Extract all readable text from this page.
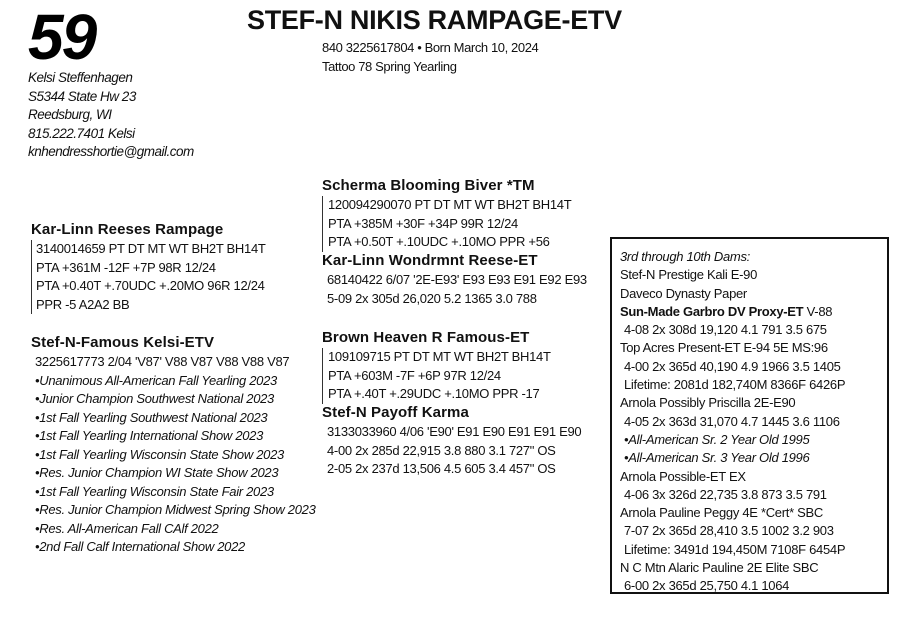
59	STEF-N NIKIS RAMPAGE-ETV
840 3225617804 • Born March 10, 2024
Tattoo 78 Spring Yearling
Kelsi Steffenhagen
S5344 State Hw 23
Reedsburg, WI
815.222.7401 Kelsi
knhendresshortie@gmail.com
Scherma Blooming Biver *TM
120094290070 PT DT MT WT BH2T BH14T
PTA +385M +30F +34P 99R 12/24
PTA +0.50T +.10UDC +.10MO PPR +56
Kar-Linn Wondrmnt Reese-ET
68140422 6/07 '2E-E93' E93 E93 E91 E92 E93
5-09 2x 305d 26,020 5.2 1365 3.0 788
Kar-Linn Reeses Rampage
3140014659 PT DT MT WT BH2T BH14T
PTA +361M -12F +7P 98R 12/24
PTA +0.40T +.70UDC +.20MO 96R 12/24
PPR -5 A2A2 BB
Stef-N-Famous Kelsi-ETV
3225617773 2/04 'V87' V88 V87 V88 V88 V87
•Unanimous All-American Fall Yearling 2023
•Junior Champion Southwest National 2023
•1st Fall Yearling Southwest National 2023
•1st Fall Yearling International Show 2023
•1st Fall Yearling Wisconsin State Show 2023
•Res. Junior Champion WI State Show 2023
•1st Fall Yearling Wisconsin State Fair 2023
•Res. Junior Champion Midwest Spring Show 2023
•Res. All-American Fall CAlf 2022
•2nd Fall Calf International Show 2022
Brown Heaven R Famous-ET
109109715 PT DT MT WT BH2T BH14T
PTA +603M -7F +6P 97R 12/24
PTA +.40T +.29UDC +.10MO PPR -17
Stef-N Payoff Karma
3133033960 4/06 'E90' E91 E90 E91 E91 E90
4-00 2x 285d 22,915 3.8 880 3.1 727" OS
2-05 2x 237d 13,506 4.5 605 3.4 457" OS
3rd through 10th Dams:
Stef-N Prestige Kali E-90
Daveco Dynasty Paper
Sun-Made Garbro DV Proxy-ET V-88
4-08 2x 308d 19,120 4.1 791 3.5 675
Top Acres Present-ET E-94 5E MS:96
4-00 2x 365d 40,190 4.9 1966 3.5 1405
Lifetime: 2081d 182,740M 8366F 6426P
Arnola Possibly Priscilla 2E-E90
4-05 2x 363d 31,070 4.7 1445 3.6 1106
•All-American Sr. 2 Year Old 1995
•All-American Sr. 3 Year Old 1996
Arnola Possible-ET EX
4-06 3x 326d 22,735 3.8 873 3.5 791
Arnola Pauline Peggy 4E *Cert* SBC
7-07 2x 365d 28,410 3.5 1002 3.2 903
Lifetime: 3491d 194,450M 7108F 6454P
N C Mtn Alaric Pauline 2E Elite SBC
6-00 2x 365d 25,750 4.1 1064
